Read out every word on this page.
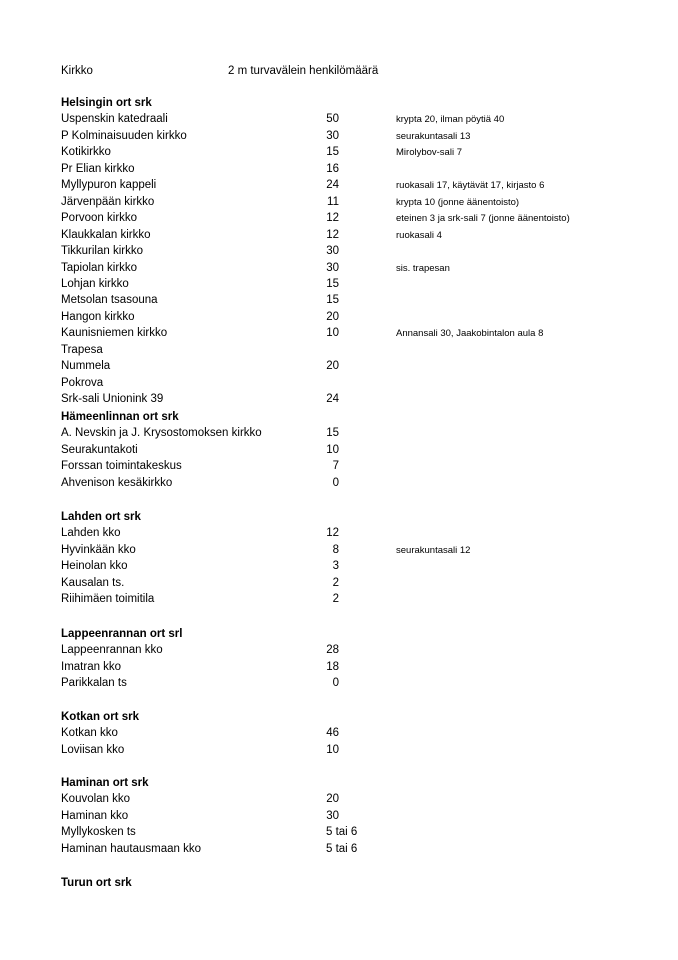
Kirkko	2 m turvavälein henkilömäärä
Helsingin ort srk
Uspenskin katedraali	50	krypta 20, ilman pöytiä 40
P Kolminaisuuden kirkko	30	seurakuntasali 13
Kotikirkko	15	Mirolybov-sali 7
Pr Elian kirkko	16
Myllypuron kappeli	24	ruokasali 17, käytävät 17, kirjasto 6
Järvenpään kirkko	11	krypta 10 (jonne äänentoisto)
Porvoon kirkko	12	eteinen 3 ja srk-sali 7 (jonne äänentoisto)
Klaukkalan kirkko	12	ruokasali 4
Tikkurilan kirkko	30
Tapiolan kirkko	30	sis. trapesan
Lohjan kirkko	15
Metsolan tsasouna	15
Hangon kirkko	20
Kaunisniemen kirkko	10	Annansali 30, Jaakobintalon aula 8
Trapesa
Nummela	20
Pokrova
Srk-sali Unionink 39	24
Hämeenlinnan ort srk
A. Nevskin ja J. Krysostomoksen kirkko	15
Seurakuntakoti	10
Forssan toimintakeskus	7
Ahvenison kesäkirkko	0
Lahden ort srk
Lahden kko	12
Hyvinkään kko	8	seurakuntasali 12
Heinolan kko	3
Kausalan ts.	2
Riihimäen toimitila	2
Lappeenrannan ort srl
Lappeenrannan kko	28
Imatran kko	18
Parikkalan ts	0
Kotkan ort srk
Kotkan kko	46
Loviisan kko	10
Haminan ort srk
Kouvolan kko	20
Haminan kko	30
Myllykosken ts	5 tai 6
Haminan hautausmaan kko	5 tai 6
Turun ort srk
